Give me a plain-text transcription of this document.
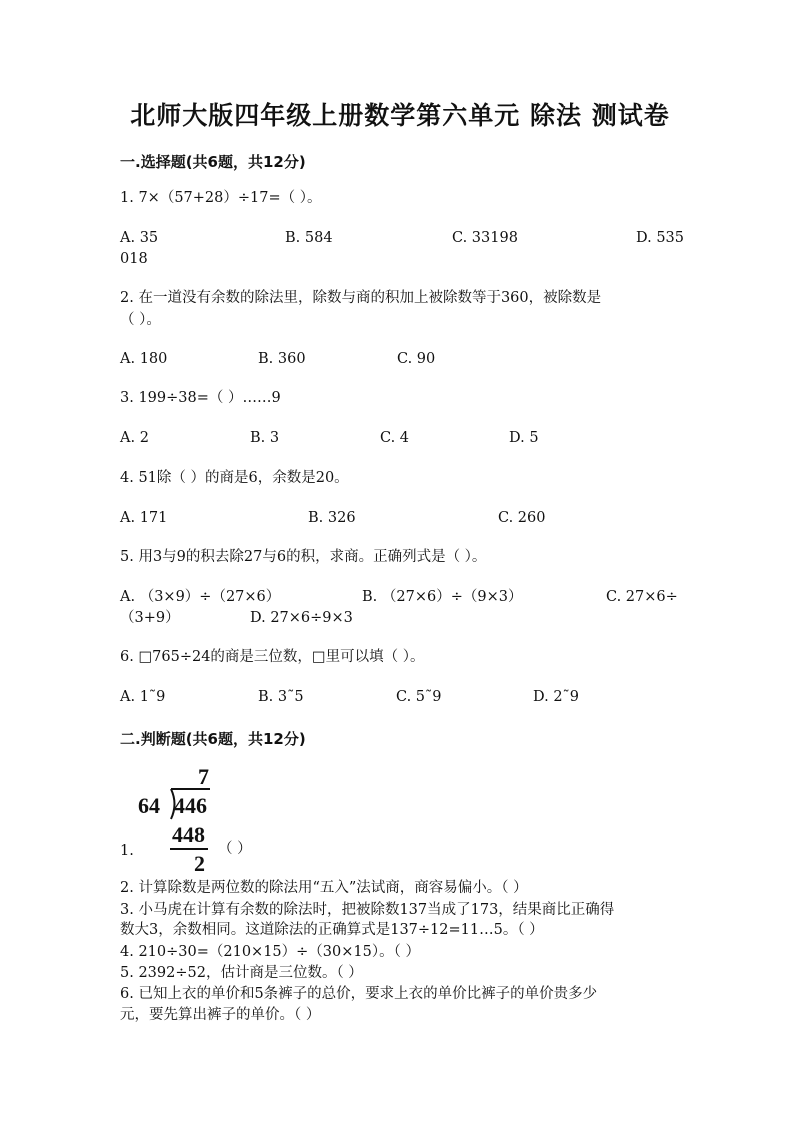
北师大版四年级上册数学第六单元 除法 测试卷
一.选择题(共6题，共12分)
1. 7×（57+28）÷17=（ ）。
A. 35	B. 584	C. 33198	D. 535
018
2. 在一道没有余数的除法里，除数与商的积加上被除数等于360，被除数是
（ ）。
A. 180	B. 360	C. 90
3. 199÷38=（ ）……9
A. 2	B. 3	C. 4	D. 5
4. 51除（ ）的商是6，余数是20。
A. 171	B. 326	C. 260
5. 用3与9的积去除27与6的积，求商。正确列式是（ ）。
A. （3×9）÷（27×6）	B. （27×6）÷（9×3）	C. 27×6÷
（3+9）	D. 27×6÷9×3
6. □765÷24的商是三位数，□里可以填（ ）。
A. 1˜9	B. 3˜5	C. 5˜9	D. 2˜9
二.判断题(共6题，共12分)
7
64 446
448
2
1.	（ ）
2. 计算除数是两位数的除法用“五入”法试商，商容易偏小。（ ）
3. 小马虎在计算有余数的除法时，把被除数137当成了173，结果商比正确得
数大3，余数相同。这道除法的正确算式是137÷12=11…5。（ ）
4. 210÷30=（210×15）÷（30×15）。（ ）
5. 2392÷52，估计商是三位数。（ ）
6. 已知上衣的单价和5条裤子的总价，要求上衣的单价比裤子的单价贵多少
元，要先算出裤子的单价。（ ）
